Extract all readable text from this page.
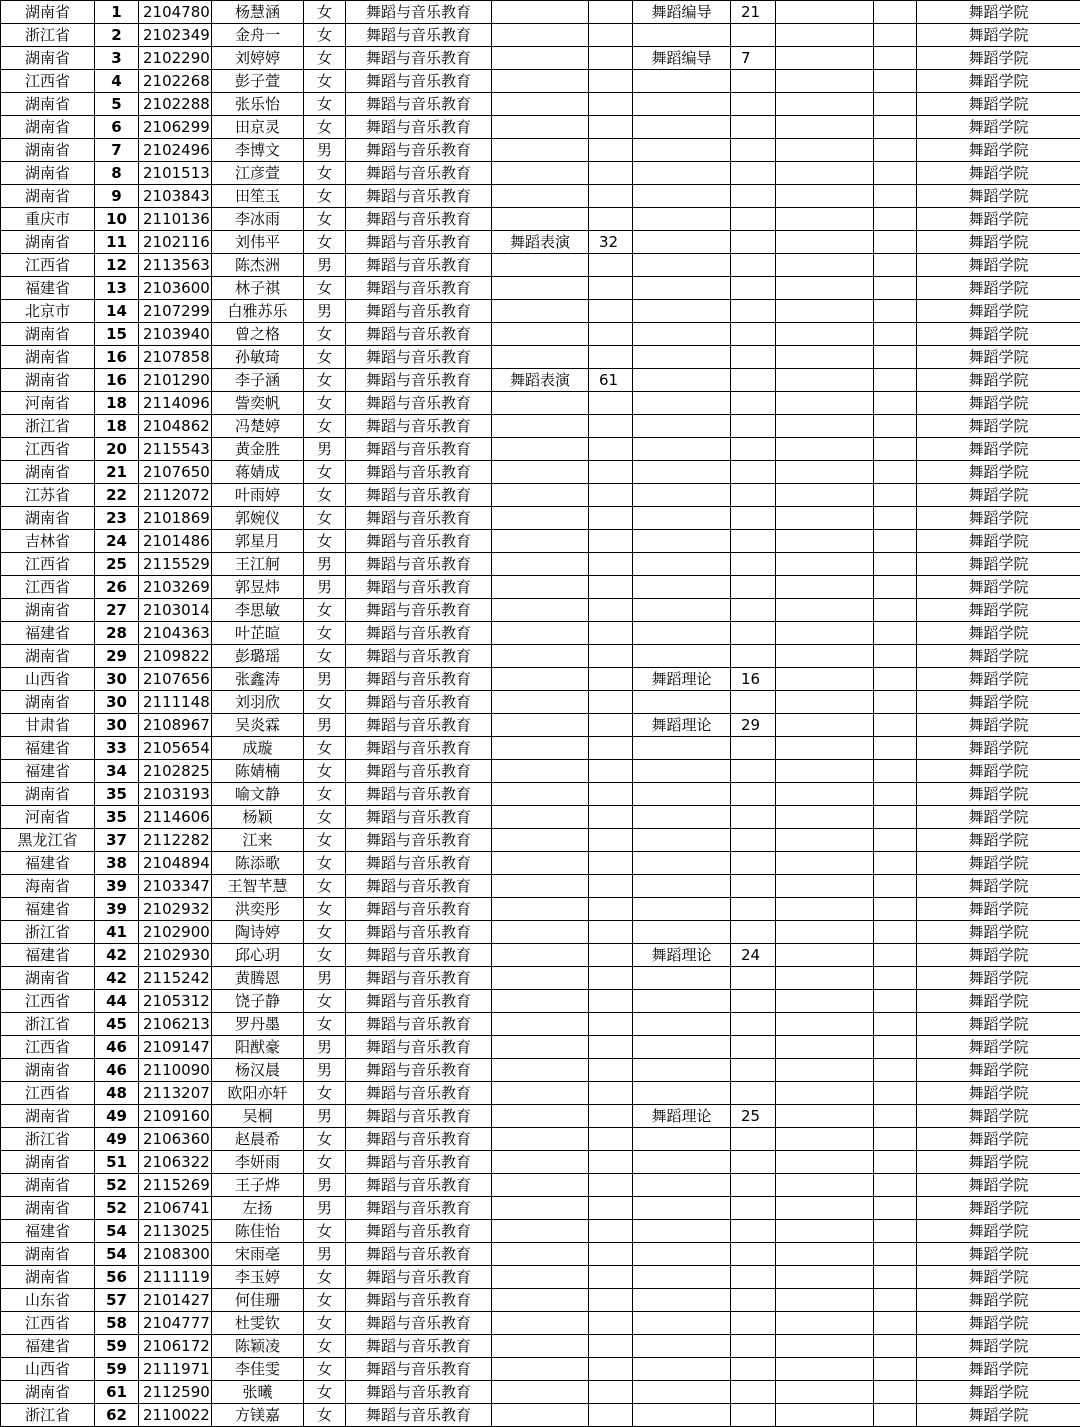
湖南省	1	2104780	杨慧涵	女	舞蹈与音乐教育			舞蹈编导	21			舞蹈学院
浙江省	2	2102349	金舟一	女	舞蹈与音乐教育							舞蹈学院
湖南省	3	2102290	刘婷婷	女	舞蹈与音乐教育			舞蹈编导	7			舞蹈学院
江西省	4	2102268	彭子萱	女	舞蹈与音乐教育							舞蹈学院
湖南省	5	2102288	张乐怡	女	舞蹈与音乐教育							舞蹈学院
湖南省	6	2106299	田京灵	女	舞蹈与音乐教育							舞蹈学院
湖南省	7	2102496	李博文	男	舞蹈与音乐教育							舞蹈学院
湖南省	8	2101513	江彦萱	女	舞蹈与音乐教育							舞蹈学院
湖南省	9	2103843	田笙玉	女	舞蹈与音乐教育							舞蹈学院
重庆市	10	2110136	李冰雨	女	舞蹈与音乐教育							舞蹈学院
湖南省	11	2102116	刘伟平	女	舞蹈与音乐教育	舞蹈表演	32					舞蹈学院
江西省	12	2113563	陈杰洲	男	舞蹈与音乐教育							舞蹈学院
福建省	13	2103600	林子祺	女	舞蹈与音乐教育							舞蹈学院
北京市	14	2107299	白雅苏乐	男	舞蹈与音乐教育							舞蹈学院
湖南省	15	2103940	曾之格	女	舞蹈与音乐教育							舞蹈学院
湖南省	16	2107858	孙敏琦	女	舞蹈与音乐教育							舞蹈学院
湖南省	16	2101290	李子涵	女	舞蹈与音乐教育	舞蹈表演	61					舞蹈学院
河南省	18	2114096	訾奕帆	女	舞蹈与音乐教育							舞蹈学院
浙江省	18	2104862	冯楚婷	女	舞蹈与音乐教育							舞蹈学院
江西省	20	2115543	黄金胜	男	舞蹈与音乐教育							舞蹈学院
湖南省	21	2107650	蒋婧成	女	舞蹈与音乐教育							舞蹈学院
江苏省	22	2112072	叶雨婷	女	舞蹈与音乐教育							舞蹈学院
湖南省	23	2101869	郭婉仪	女	舞蹈与音乐教育							舞蹈学院
吉林省	24	2101486	郭星月	女	舞蹈与音乐教育							舞蹈学院
江西省	25	2115529	王江舸	男	舞蹈与音乐教育							舞蹈学院
江西省	26	2103269	郭昱炜	男	舞蹈与音乐教育							舞蹈学院
湖南省	27	2103014	李思敏	女	舞蹈与音乐教育							舞蹈学院
福建省	28	2104363	叶芷暄	女	舞蹈与音乐教育							舞蹈学院
湖南省	29	2109822	彭璐瑶	女	舞蹈与音乐教育							舞蹈学院
山西省	30	2107656	张鑫涛	男	舞蹈与音乐教育			舞蹈理论	16			舞蹈学院
湖南省	30	2111148	刘羽欣	女	舞蹈与音乐教育							舞蹈学院
甘肃省	30	2108967	吴炎霖	男	舞蹈与音乐教育			舞蹈理论	29			舞蹈学院
福建省	33	2105654	成璇	女	舞蹈与音乐教育							舞蹈学院
福建省	34	2102825	陈婧楠	女	舞蹈与音乐教育							舞蹈学院
湖南省	35	2103193	喻文静	女	舞蹈与音乐教育							舞蹈学院
河南省	35	2114606	杨颖	女	舞蹈与音乐教育							舞蹈学院
黑龙江省	37	2112282	江来	女	舞蹈与音乐教育							舞蹈学院
福建省	38	2104894	陈添歌	女	舞蹈与音乐教育							舞蹈学院
海南省	39	2103347	王智芊慧	女	舞蹈与音乐教育							舞蹈学院
福建省	39	2102932	洪奕彤	女	舞蹈与音乐教育							舞蹈学院
浙江省	41	2102900	陶诗婷	女	舞蹈与音乐教育							舞蹈学院
福建省	42	2102930	邱心玥	女	舞蹈与音乐教育			舞蹈理论	24			舞蹈学院
湖南省	42	2115242	黄腾恩	男	舞蹈与音乐教育							舞蹈学院
江西省	44	2105312	饶子静	女	舞蹈与音乐教育							舞蹈学院
浙江省	45	2106213	罗丹墨	女	舞蹈与音乐教育							舞蹈学院
江西省	46	2109147	阳猷豪	男	舞蹈与音乐教育							舞蹈学院
湖南省	46	2110090	杨汉晨	男	舞蹈与音乐教育							舞蹈学院
江西省	48	2113207	欧阳亦轩	女	舞蹈与音乐教育							舞蹈学院
湖南省	49	2109160	吴桐	男	舞蹈与音乐教育			舞蹈理论	25			舞蹈学院
浙江省	49	2106360	赵晨希	女	舞蹈与音乐教育							舞蹈学院
湖南省	51	2106322	李妍雨	女	舞蹈与音乐教育							舞蹈学院
湖南省	52	2115269	王子烨	男	舞蹈与音乐教育							舞蹈学院
湖南省	52	2106741	左扬	男	舞蹈与音乐教育							舞蹈学院
福建省	54	2113025	陈佳怡	女	舞蹈与音乐教育							舞蹈学院
湖南省	54	2108300	宋雨亳	男	舞蹈与音乐教育							舞蹈学院
湖南省	56	2111119	李玉婷	女	舞蹈与音乐教育							舞蹈学院
山东省	57	2101427	何佳珊	女	舞蹈与音乐教育							舞蹈学院
江西省	58	2104777	杜雯钦	女	舞蹈与音乐教育							舞蹈学院
福建省	59	2106172	陈颖凌	女	舞蹈与音乐教育							舞蹈学院
山西省	59	2111971	李佳雯	女	舞蹈与音乐教育							舞蹈学院
湖南省	61	2112590	张曦	女	舞蹈与音乐教育							舞蹈学院
浙江省	62	2110022	方镁嘉	女	舞蹈与音乐教育							舞蹈学院
